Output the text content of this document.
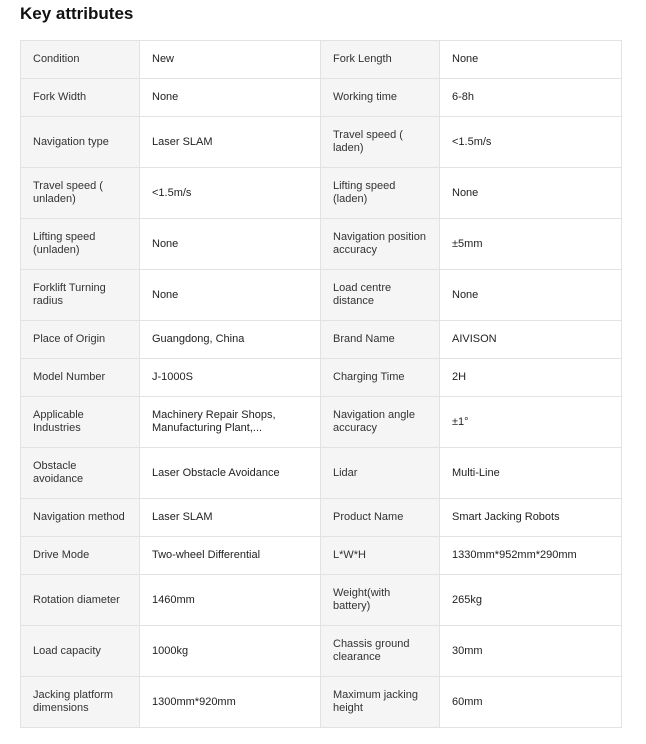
Key attributes
Condition	New	Fork Length	None
Fork Width	None	Working time	6-8h
Navigation type	Laser SLAM	Travel speed ( laden)	<1.5m/s
Travel speed ( unladen)	<1.5m/s	Lifting speed (laden)	None
Lifting speed (unladen)	None	Navigation position accuracy	±5mm
Forklift Turning radius	None	Load centre distance	None
Place of Origin	Guangdong, China	Brand Name	AIVISON
Model Number	J-1000S	Charging Time	2H
Applicable Industries	Machinery Repair Shops, Manufacturing Plant,...	Navigation angle accuracy	±1°
Obstacle avoidance	Laser Obstacle Avoidance	Lidar	Multi-Line
Navigation method	Laser SLAM	Product Name	Smart Jacking Robots
Drive Mode	Two-wheel Differential	L*W*H	1330mm*952mm*290mm
Rotation diameter	1460mm	Weight(with battery)	265kg
Load capacity	1000kg	Chassis ground clearance	30mm
Jacking platform dimensions	1300mm*920mm	Maximum jacking height	60mm
